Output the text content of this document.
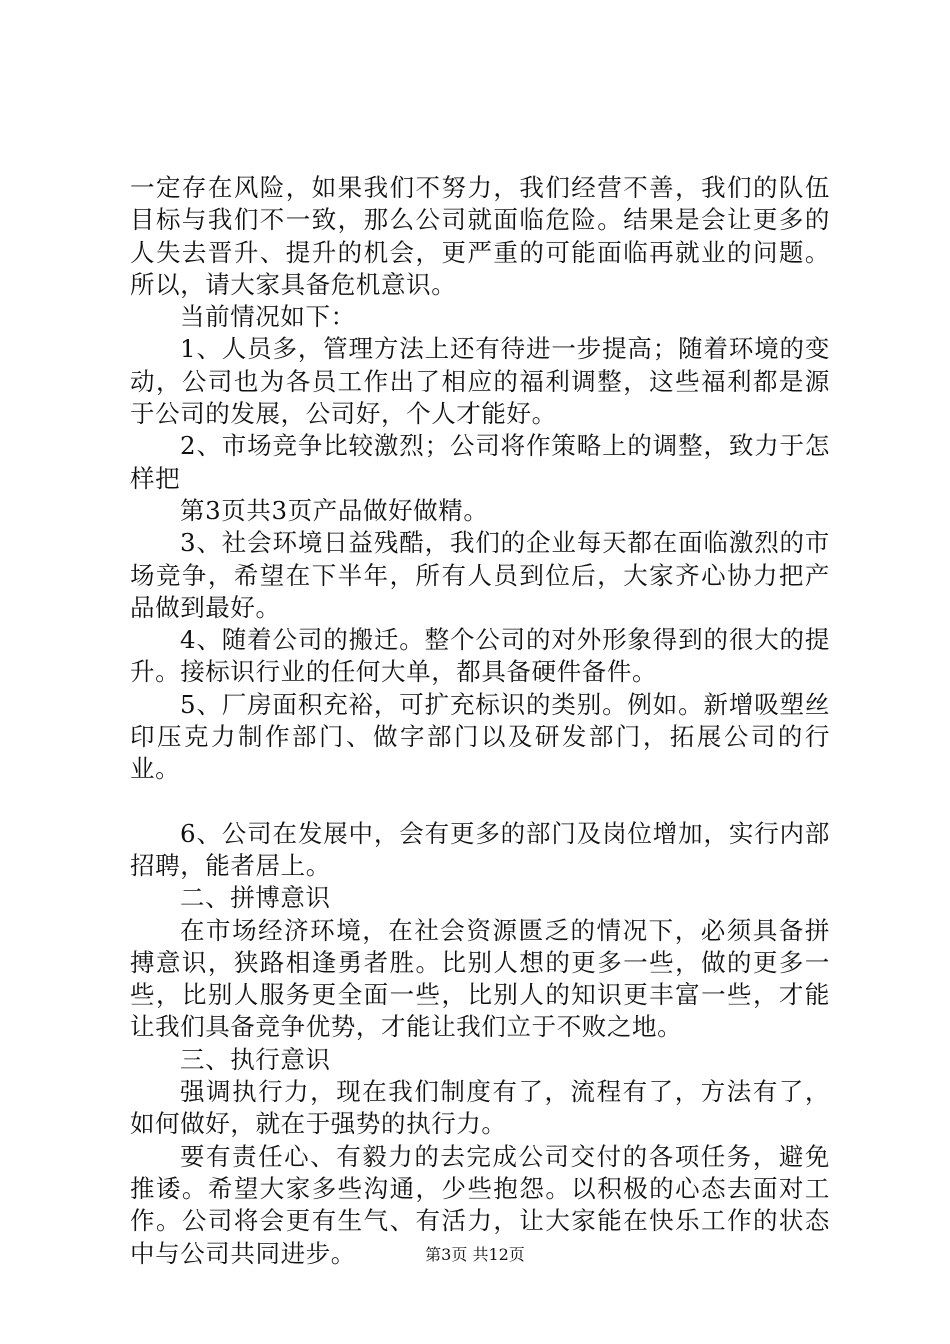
一定存在风险，如果我们不努力，我们经营不善，我们的队伍目标与我们不一致，那么公司就面临危险。结果是会让更多的人失去晋升、提升的机会，更严重的可能面临再就业的问题。所以，请大家具备危机意识。

当前情况如下：

1、人员多，管理方法上还有待进一步提高；随着环境的变动，公司也为各员工作出了相应的福利调整，这些福利都是源于公司的发展，公司好，个人才能好。

2、市场竞争比较激烈；公司将作策略上的调整，致力于怎样把

第3页共3页产品做好做精。

3、社会环境日益残酷，我们的企业每天都在面临激烈的市场竞争，希望在下半年，所有人员到位后，大家齐心协力把产品做到最好。

4、随着公司的搬迁。整个公司的对外形象得到的很大的提升。接标识行业的任何大单，都具备硬件备件。

5、厂房面积充裕，可扩充标识的类别。例如。新增吸塑丝印压克力制作部门、做字部门以及研发部门，拓展公司的行业。

6、公司在发展中，会有更多的部门及岗位增加，实行内部招聘，能者居上。

二、拼博意识

在市场经济环境，在社会资源匮乏的情况下，必须具备拼搏意识，狭路相逢勇者胜。比别人想的更多一些，做的更多一些，比别人服务更全面一些，比别人的知识更丰富一些，才能让我们具备竞争优势，才能让我们立于不败之地。

三、执行意识

强调执行力，现在我们制度有了，流程有了，方法有了，如何做好，就在于强势的执行力。

要有责任心、有毅力的去完成公司交付的各项任务，避免推诿。希望大家多些沟通，少些抱怨。以积极的心态去面对工作。公司将会更有生气、有活力，让大家能在快乐工作的状态中与公司共同进步。	第3页 共12页
